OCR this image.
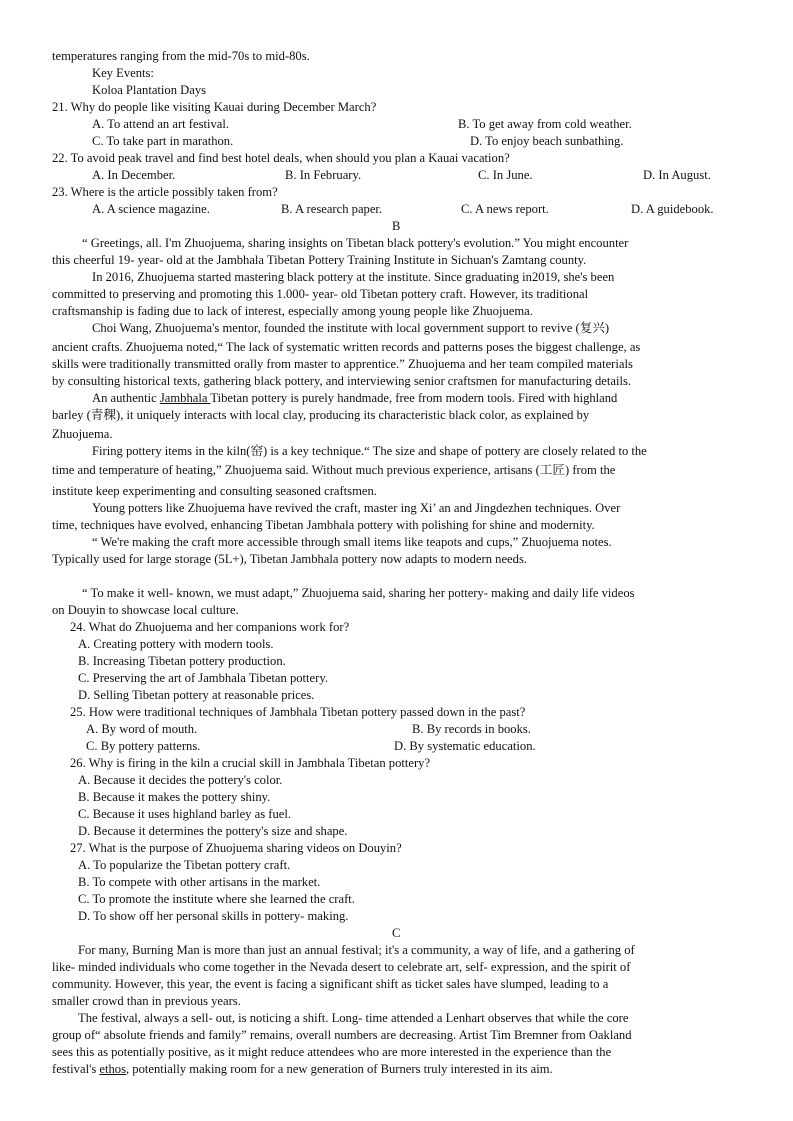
temperatures ranging from the mid-70s to mid-80s.
Key Events:
Koloa Plantation Days
21. Why do people like visiting Kauai during December March?
A. To attend an art festival.	B. To get away from cold weather.
C. To take part in marathon.	D. To enjoy beach sunbathing.
22. To avoid peak travel and find best hotel deals, when should you plan a Kauai vacation?
A. In December.	B. In February.	C. In June.	D. In August.
23. Where is the article possibly taken from?
A. A science magazine.	B. A research paper.	C. A news report.	D. A guidebook.
B
“ Greetings, all. I'm Zhuojuema, sharing insights on Tibetan black pottery's evolution.” You might encounter
this cheerful 19- year- old at the Jambhala Tibetan Pottery Training Institute in Sichuan's Zamtang county.
In 2016, Zhuojuema started mastering black pottery at the institute. Since graduating in2019, she's been
committed to preserving and promoting this 1.000- year- old Tibetan pottery craft. However, its traditional
craftsmanship is fading due to lack of interest, especially among young people like Zhuojuema.
Choi Wang, Zhuojuema's mentor, founded the institute with local government support to revive (复兴)
ancient crafts. Zhuojuema noted,“ The lack of systematic written records and patterns poses the biggest challenge, as
skills were traditionally transmitted orally from master to apprentice.” Zhuojuema and her team compiled materials
by consulting historical texts, gathering black pottery, and interviewing senior craftsmen for manufacturing details.
An authentic Jambhala Tibetan pottery is purely handmade, free from modern tools. Fired with highland
barley (青稞), it uniquely interacts with local clay, producing its characteristic black color, as explained by
Zhuojuema.
Firing pottery items in the kiln(窑) is a key technique.“ The size and shape of pottery are closely related to the
time and temperature of heating,” Zhuojuema said. Without much previous experience, artisans (工匠) from the
institute keep experimenting and consulting seasoned craftsmen.
Young potters like Zhuojuema have revived the craft, master ing Xi’ an and Jingdezhen techniques. Over
time, techniques have evolved, enhancing Tibetan Jambhala pottery with polishing for shine and modernity.
“ We're making the craft more accessible through small items like teapots and cups,” Zhuojuema notes.
Typically used for large storage (5L+), Tibetan Jambhala pottery now adapts to modern needs.
“ To make it well- known, we must adapt,” Zhuojuema said, sharing her pottery- making and daily life videos
on Douyin to showcase local culture.
24. What do Zhuojuema and her companions work for?
A. Creating pottery with modern tools.
B. Increasing Tibetan pottery production.
C. Preserving the art of Jambhala Tibetan pottery.
D. Selling Tibetan pottery at reasonable prices.
25. How were traditional techniques of Jambhala Tibetan pottery passed down in the past?
A. By word of mouth.	B. By records in books.
C. By pottery patterns.	D. By systematic education.
26. Why is firing in the kiln a crucial skill in Jambhala Tibetan pottery?
A. Because it decides the pottery's color.
B. Because it makes the pottery shiny.
C. Because it uses highland barley as fuel.
D. Because it determines the pottery's size and shape.
27. What is the purpose of Zhuojuema sharing videos on Douyin?
A. To popularize the Tibetan pottery craft.
B. To compete with other artisans in the market.
C. To promote the institute where she learned the craft.
D. To show off her personal skills in pottery- making.
C
For many, Burning Man is more than just an annual festival; it's a community, a way of life, and a gathering of
like- minded individuals who come together in the Nevada desert to celebrate art, self- expression, and the spirit of
community. However, this year, the event is facing a significant shift as ticket sales have slumped, leading to a
smaller crowd than in previous years.
The festival, always a sell- out, is noticing a shift. Long- time attended a Lenhart observes that while the core
group of“ absolute friends and family” remains, overall numbers are decreasing. Artist Tim Bremner from Oakland
sees this as potentially positive, as it might reduce attendees who are more interested in the experience than the
festival's ethos, potentially making room for a new generation of Burners truly interested in its aim.
